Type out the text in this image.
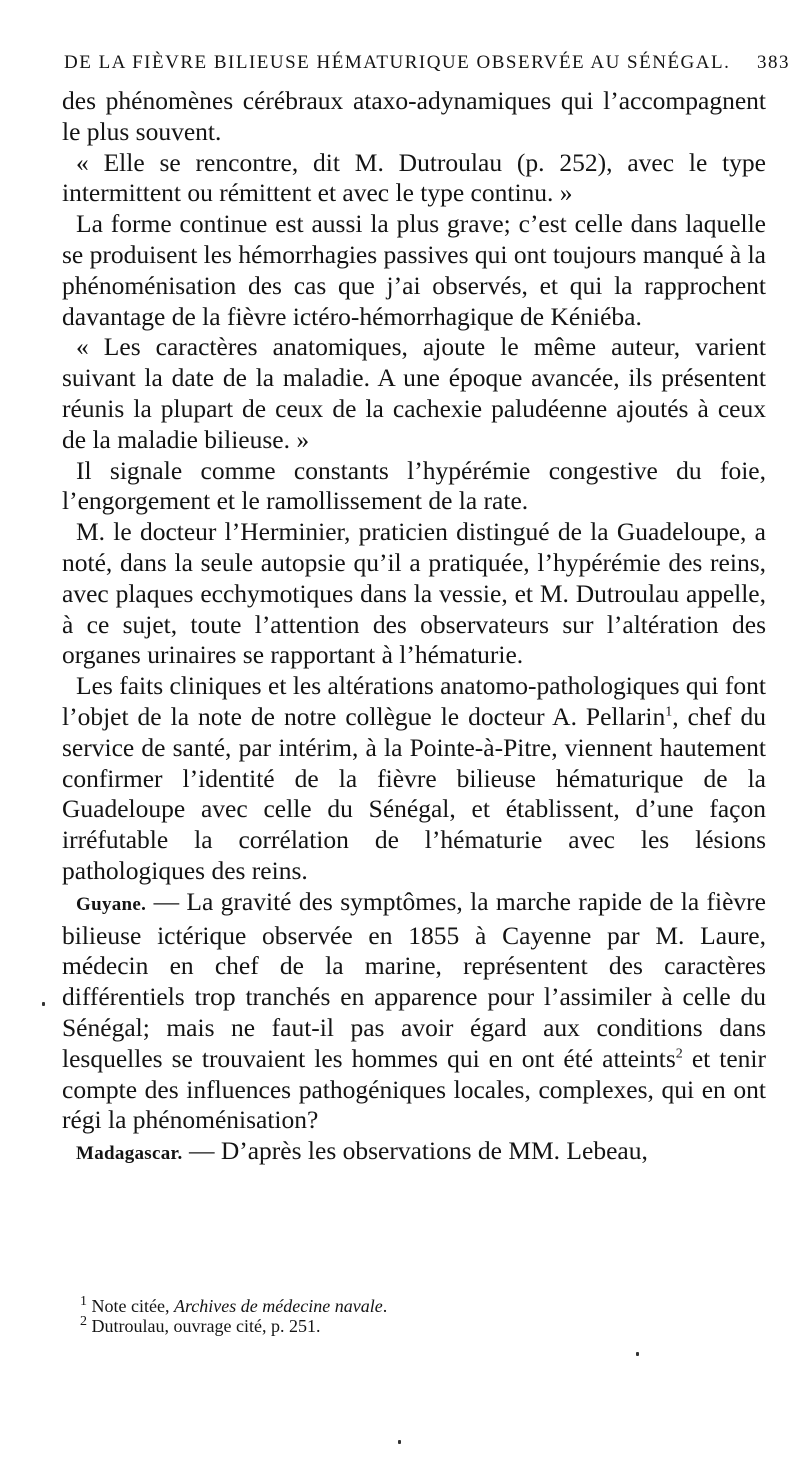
DE LA FIÈVRE BILIEUSE HÉMATURIQUE OBSERVÉE AU SÉNÉGAL. 383

des phénomènes cérébraux ataxo-adynamiques qui l’accompagnent le plus souvent.

« Elle se rencontre, dit M. Dutroulau (p. 252), avec le type intermittent ou rémittent et avec le type continu. »

La forme continue est aussi la plus grave; c’est celle dans laquelle se produisent les hémorrhagies passives qui ont toujours manqué à la phénoménisation des cas que j’ai observés, et qui la rapprochent davantage de la fièvre ictéro-hémorrhagique de Kéniéba.

« Les caractères anatomiques, ajoute le même auteur, varient suivant la date de la maladie. A une époque avancée, ils présentent réunis la plupart de ceux de la cachexie paludéenne ajoutés à ceux de la maladie bilieuse. »

Il signale comme constants l’hypérémie congestive du foie, l’engorgement et le ramollissement de la rate.

M. le docteur l’Herminier, praticien distingué de la Guadeloupe, a noté, dans la seule autopsie qu’il a pratiquée, l’hypérémie des reins, avec plaques ecchymotiques dans la vessie, et M. Dutroulau appelle, à ce sujet, toute l’attention des observateurs sur l’altération des organes urinaires se rapportant à l’hématurie.

Les faits cliniques et les altérations anatomo-pathologiques qui font l’objet de la note de notre collègue le docteur A. Pellarin$^1$, chef du service de santé, par intérim, à la Pointe-à-Pitre, viennent hautement confirmer l’identité de la fièvre bilieuse hématurique de la Guadeloupe avec celle du Sénégal, et établissent, d’une façon irréfutable la corrélation de l’hématurie avec les lésions pathologiques des reins.

Guyane. — La gravité des symptômes, la marche rapide de la fièvre bilieuse ictérique observée en 1855 à Cayenne par M. Laure, médecin en chef de la marine, représentent des caractères différentiels trop tranchés en apparence pour l’assimiler à celle du Sénégal; mais ne faut-il pas avoir égard aux conditions dans lesquelles se trouvaient les hommes qui en ont été atteints$^2$ et tenir compte des influences pathogéniques locales, complexes, qui en ont régi la phénoménisation?

Madagascar. — D’après les observations de MM. Lebeau,

$^1$ Note citée, Archives de médecine navale.
$^2$ Dutroulau, ouvrage cité, p. 251.
